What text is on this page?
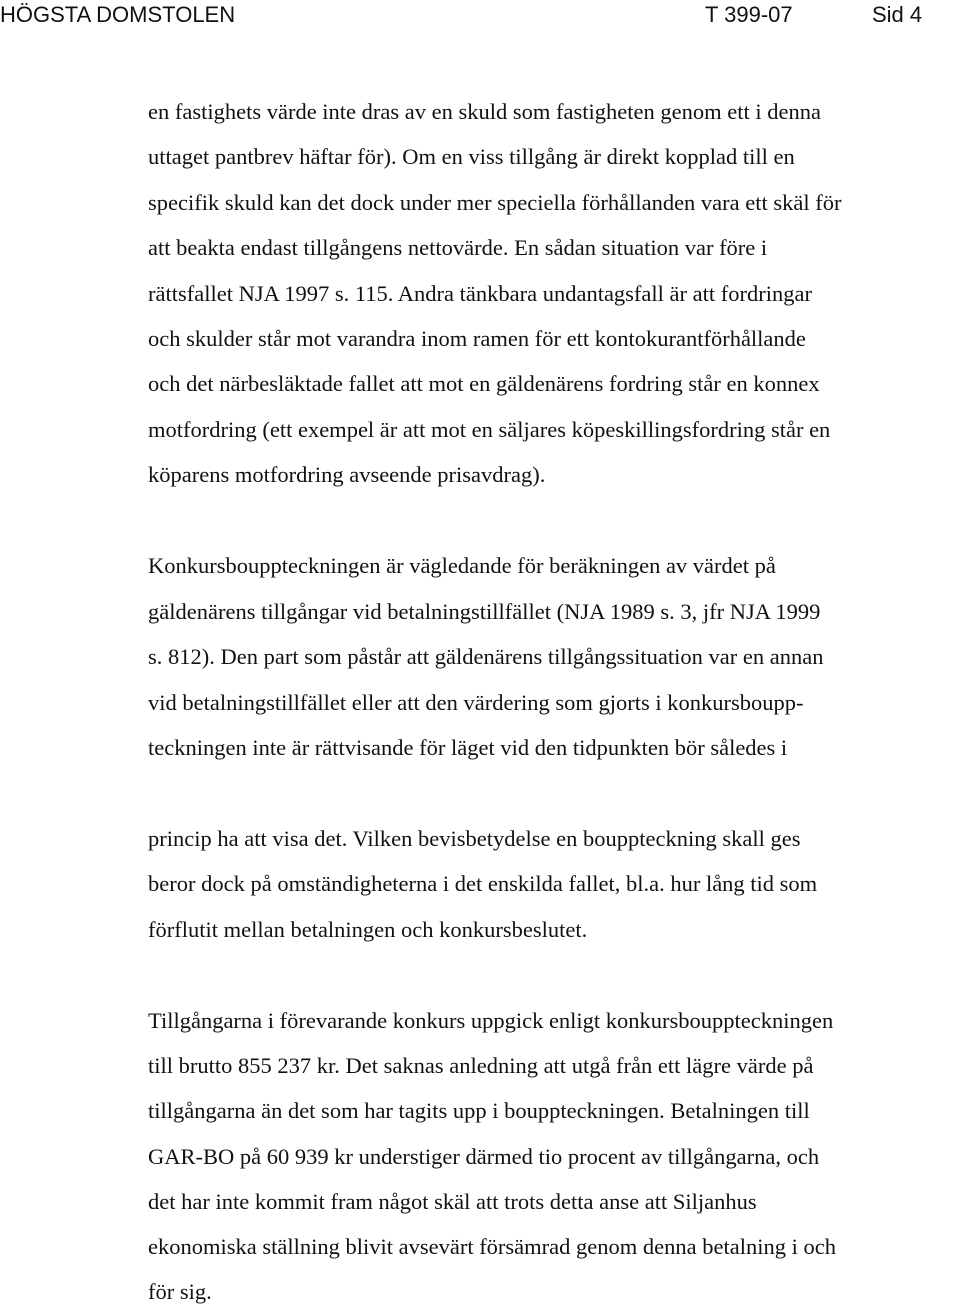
HÖGSTA DOMSTOLEN	T 399-07	Sid 4
en fastighets värde inte dras av en skuld som fastigheten genom ett i denna
uttaget pantbrev häftar för). Om en viss tillgång är direkt kopplad till en
specifik skuld kan det dock under mer speciella förhållanden vara ett skäl för
att beakta endast tillgångens nettovärde. En sådan situation var före i
rättsfallet NJA 1997 s. 115. Andra tänkbara undantagsfall är att fordringar
och skulder står mot varandra inom ramen för ett kontokurantförhållande
och det närbesläktade fallet att mot en gäldenärens fordring står en konnex
motfordring (ett exempel är att mot en säljares köpeskillingsfordring står en
köparens motfordring avseende prisavdrag).
Konkursbouppteckningen är vägledande för beräkningen av värdet på
gäldenärens tillgångar vid betalningstillfället (NJA 1989 s. 3, jfr NJA 1999
s. 812). Den part som påstår att gäldenärens tillgångssituation var en annan
vid betalningstillfället eller att den värdering som gjorts i konkursboupp-
teckningen inte är rättvisande för läget vid den tidpunkten bör således i
princip ha att visa det. Vilken bevisbetydelse en bouppteckning skall ges
beror dock på omständigheterna i det enskilda fallet, bl.a. hur lång tid som
förflutit mellan betalningen och konkursbeslutet.
Tillgångarna i förevarande konkurs uppgick enligt konkursbouppteckningen
till brutto 855 237 kr. Det saknas anledning att utgå från ett lägre värde på
tillgångarna än det som har tagits upp i bouppteckningen. Betalningen till
GAR-BO på 60 939 kr understiger därmed tio procent av tillgångarna, och
det har inte kommit fram något skäl att trots detta anse att Siljanhus
ekonomiska ställning blivit avsevärt försämrad genom denna betalning i och
för sig.
